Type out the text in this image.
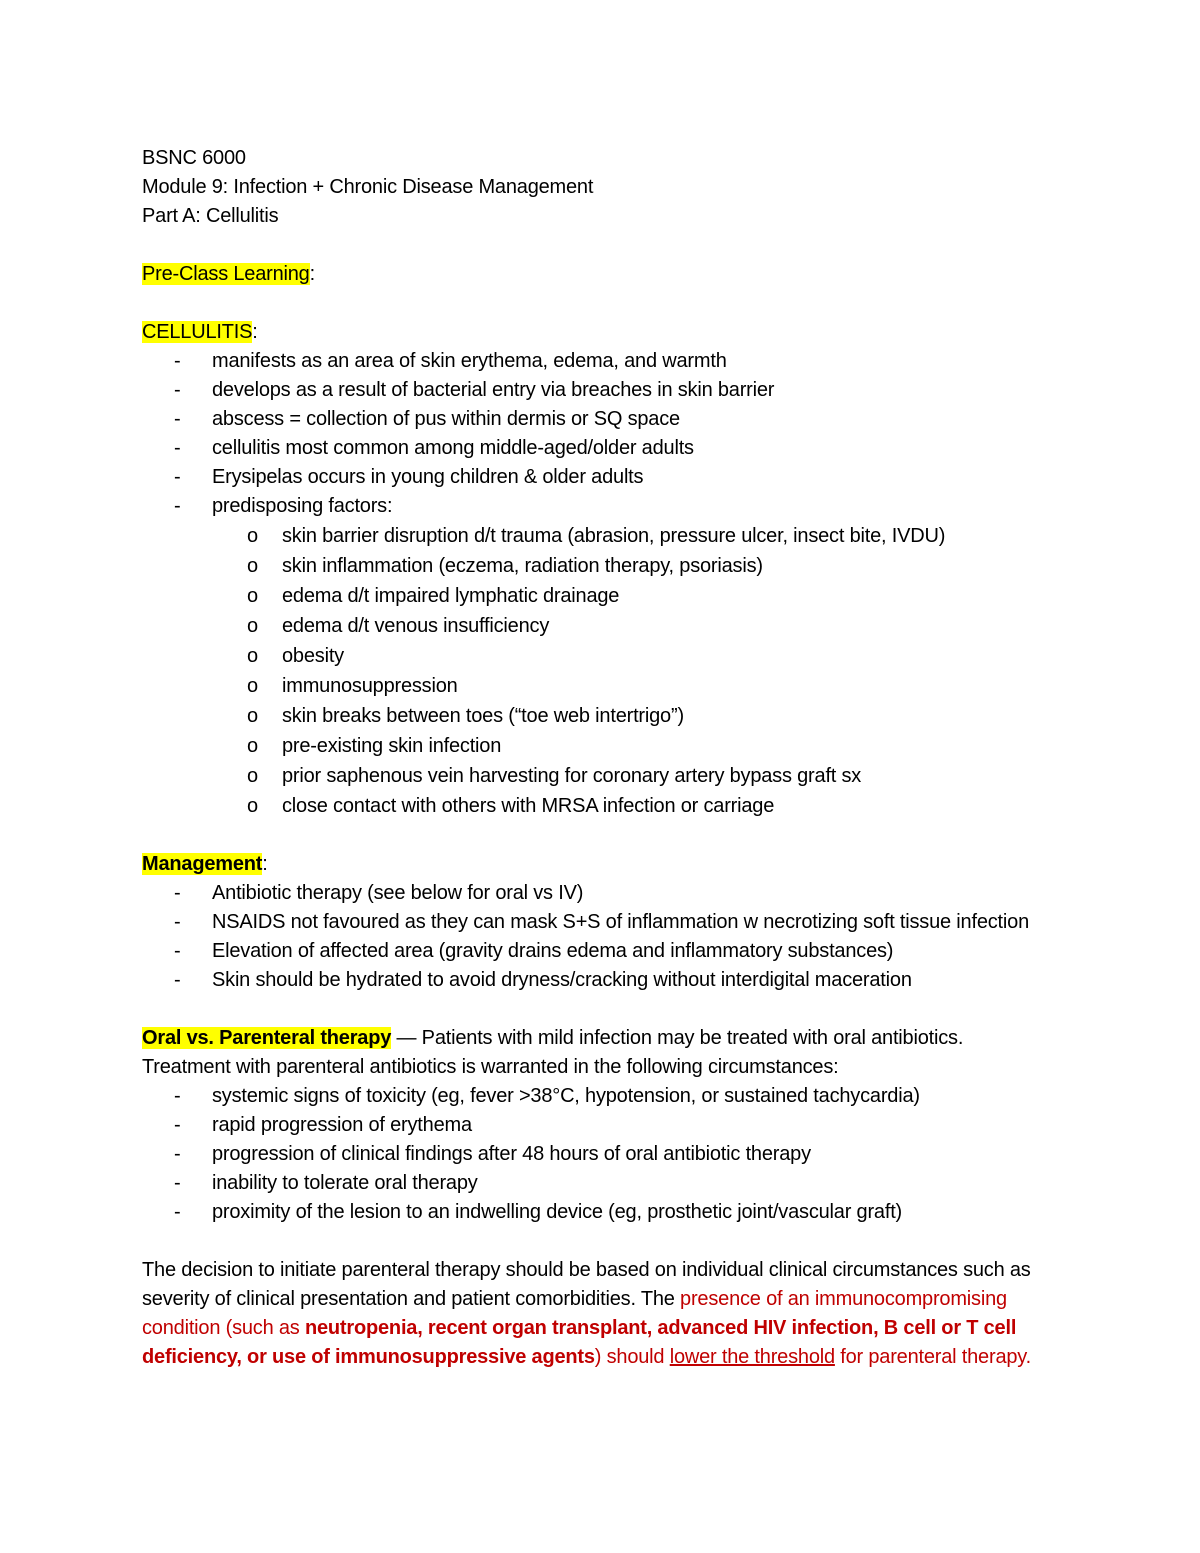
BSNC 6000
Module 9: Infection + Chronic Disease Management
Part A: Cellulitis
Pre-Class Learning:
CELLULITIS:
- manifests as an area of skin erythema, edema, and warmth
- develops as a result of bacterial entry via breaches in skin barrier
- abscess = collection of pus within dermis or SQ space
- cellulitis most common among middle-aged/older adults
- Erysipelas occurs in young children & older adults
- predisposing factors:
o skin barrier disruption d/t trauma (abrasion, pressure ulcer, insect bite, IVDU)
o skin inflammation (eczema, radiation therapy, psoriasis)
o edema d/t impaired lymphatic drainage
o edema d/t venous insufficiency
o obesity
o immunosuppression
o skin breaks between toes (“toe web intertrigo”)
o pre-existing skin infection
o prior saphenous vein harvesting for coronary artery bypass graft sx
o close contact with others with MRSA infection or carriage
Management:
- Antibiotic therapy (see below for oral vs IV)
- NSAIDS not favoured as they can mask S+S of inflammation w necrotizing soft tissue infection
- Elevation of affected area (gravity drains edema and inflammatory substances)
- Skin should be hydrated to avoid dryness/cracking without interdigital maceration
Oral vs. Parenteral therapy — Patients with mild infection may be treated with oral antibiotics.
Treatment with parenteral antibiotics is warranted in the following circumstances:
- systemic signs of toxicity (eg, fever >38°C, hypotension, or sustained tachycardia)
- rapid progression of erythema
- progression of clinical findings after 48 hours of oral antibiotic therapy
- inability to tolerate oral therapy
- proximity of the lesion to an indwelling device (eg, prosthetic joint/vascular graft)
The decision to initiate parenteral therapy should be based on individual clinical circumstances such as severity of clinical presentation and patient comorbidities. The presence of an immunocompromising condition (such as neutropenia, recent organ transplant, advanced HIV infection, B cell or T cell deficiency, or use of immunosuppressive agents) should lower the threshold for parenteral therapy.
